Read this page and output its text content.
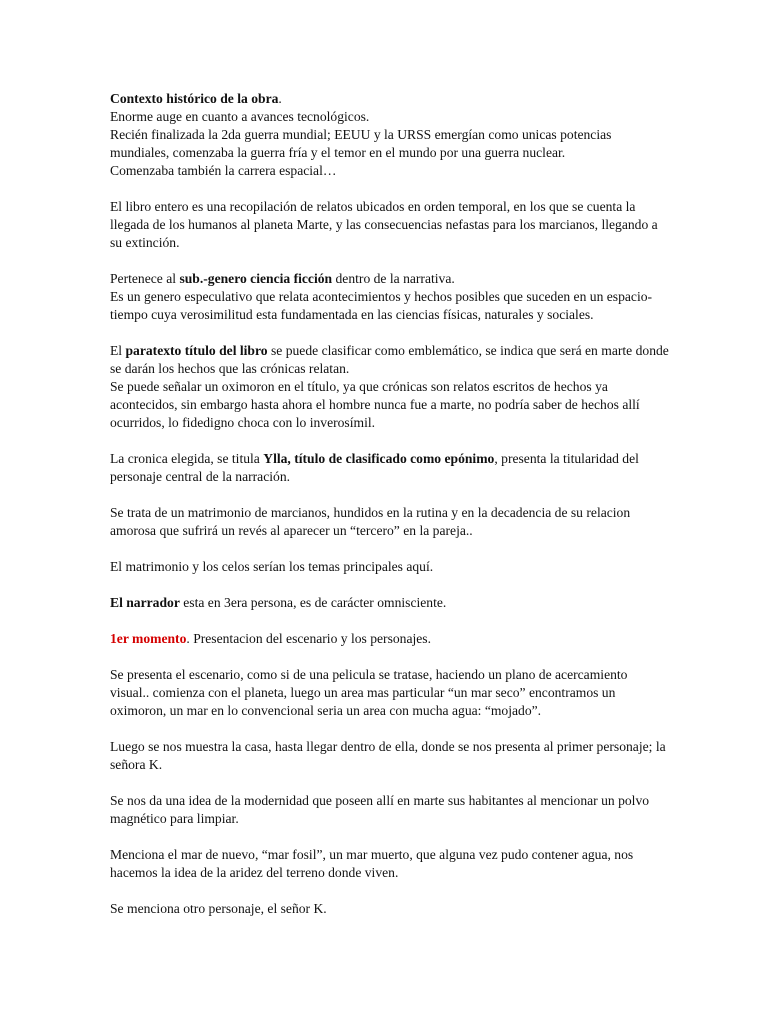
Contexto histórico de la obra.
Enorme auge en cuanto a avances tecnológicos.
Recién finalizada la 2da guerra mundial; EEUU y la URSS emergían como unicas potencias mundiales, comenzaba la guerra fría y el temor en el mundo por una guerra nuclear.
Comenzaba también la carrera espacial…

El libro entero es una recopilación de relatos ubicados en orden temporal, en los que se cuenta la llegada de los humanos al planeta Marte, y las consecuencias nefastas para los marcianos, llegando a su extinción.

Pertenece al sub.-genero ciencia ficción dentro de la narrativa.
Es un genero especulativo que relata acontecimientos y hechos posibles que suceden en un espacio-tiempo cuya verosimilitud esta fundamentada en las ciencias físicas, naturales y sociales.

El paratexto título del libro se puede clasificar como emblemático, se indica que será en marte donde se darán los hechos que las crónicas relatan.
Se puede señalar un oximoron en el título, ya que crónicas son relatos escritos de hechos ya acontecidos, sin embargo hasta ahora el hombre nunca fue a marte, no podría saber de hechos allí ocurridos, lo fidedigno choca con lo inverosímil.

La cronica elegida, se titula Ylla, título de clasificado como epónimo, presenta la titularidad del personaje central de la narración.

Se trata de un matrimonio de marcianos, hundidos en la rutina y en la decadencia de su relacion amorosa que sufrirá un revés al aparecer un “tercero” en la pareja..

El matrimonio y los celos serían los temas principales aquí.

El narrador esta en 3era persona, es de carácter omnisciente.

1er momento. Presentacion del escenario y los personajes.

Se presenta el escenario, como si de una pelicula se tratase, haciendo un plano de acercamiento visual.. comienza con el planeta, luego un area mas particular “un mar seco” encontramos un oximoron, un mar en lo convencional seria un area con mucha agua: “mojado”.

Luego se nos muestra la casa, hasta llegar dentro de ella, donde se nos presenta al primer personaje; la señora K.

Se nos da una idea de la modernidad que poseen allí en marte sus habitantes al mencionar un polvo magnético para limpiar.

Menciona el mar de nuevo, “mar fosil”, un mar muerto, que alguna vez pudo contener agua, nos hacemos la idea de la aridez del terreno donde viven.

Se menciona otro personaje, el señor K.
